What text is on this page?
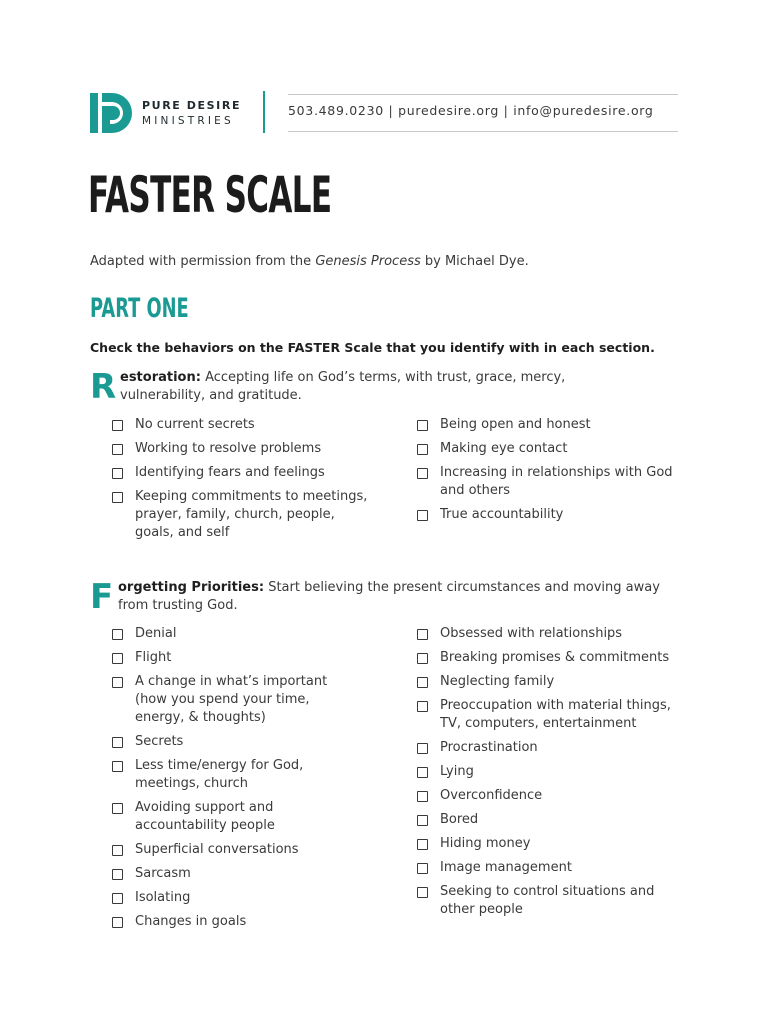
PURE DESIRE
MINISTRIES
503.489.0230 | puredesire.org | info@puredesire.org
FASTER SCALE
Adapted with permission from the Genesis Process by Michael Dye.
PART ONE
Check the behaviors on the FASTER Scale that you identify with in each section.
R estoration: Accepting life on God’s terms, with trust, grace, mercy, vulnerability, and gratitude.
No current secrets
Working to resolve problems
Identifying fears and feelings
Keeping commitments to meetings, prayer, family, church, people, goals, and self
Being open and honest
Making eye contact
Increasing in relationships with God and others
True accountability
F orgetting Priorities: Start believing the present circumstances and moving away from trusting God.
Denial
Flight
A change in what’s important (how you spend your time, energy, & thoughts)
Secrets
Less time/energy for God, meetings, church
Avoiding support and accountability people
Superficial conversations
Sarcasm
Isolating
Changes in goals
Obsessed with relationships
Breaking promises & commitments
Neglecting family
Preoccupation with material things, TV, computers, entertainment
Procrastination
Lying
Overconfidence
Bored
Hiding money
Image management
Seeking to control situations and other people
